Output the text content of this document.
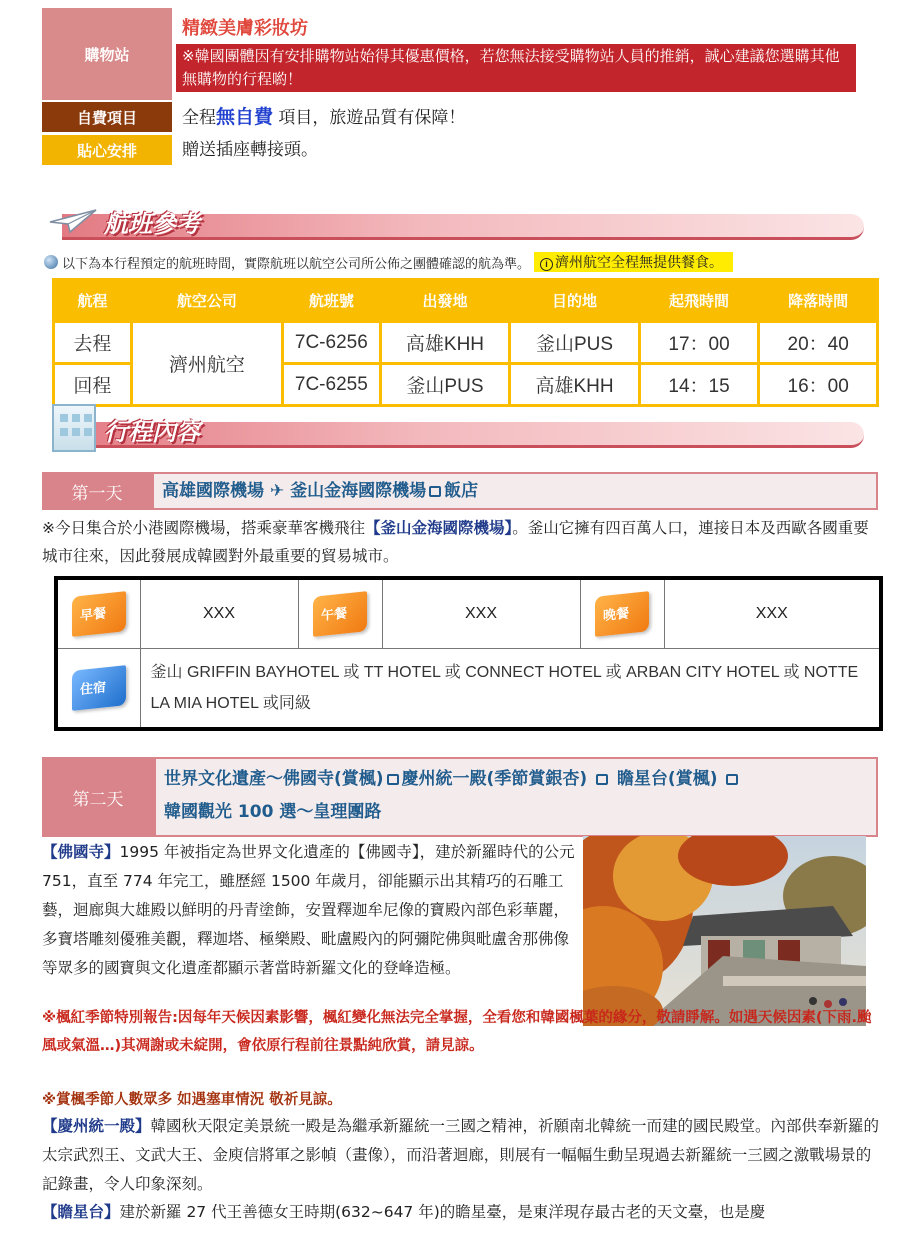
購物站
精緻美膚彩妝坊
※韓國團體因有安排購物站始得其優惠價格，若您無法接受購物站人員的推銷，誠心建議您選購其他無購物的行程喲！
自費項目	全程無自費 項目，旅遊品質有保障！
貼心安排	贈送插座轉接頭。
航班參考
以下為本行程預定的航班時間，實際航班以航空公司所公佈之團體確認的航為準。	i 濟州航空全程無提供餐食。
航程	航空公司	航班號	出發地	目的地	起飛時間	降落時間
去程	濟州航空	7C-6256	高雄KHH	釜山PUS	17：00	20：40
回程		7C-6255	釜山PUS	高雄KHH	14：15	16：00
行程內容
第一天	高雄國際機場 ✈ 釜山金海國際機場 飯店
※今日集合於小港國際機場，搭乘豪華客機飛往【釜山金海國際機場】。釜山它擁有四百萬人口，連接日本及西歐各國重要城市往來，因此發展成韓國對外最重要的貿易城市。
早餐	XXX	午餐	XXX	晚餐	XXX
住宿	釜山 GRIFFIN BAYHOTEL 或 TT HOTEL 或 CONNECT HOTEL 或 ARBAN CITY HOTEL 或 NOTTE LA MIA HOTEL 或同級				
第二天
世界文化遺產～佛國寺(賞楓) 慶州統一殿(季節賞銀杏) 瞻星台(賞楓)
韓國觀光 100 選～皇理團路
【佛國寺】1995 年被指定為世界文化遺產的【佛國寺】，建於新羅時代的公元 751，直至 774 年完工，雖歷經 1500 年歲月，卻能顯示出其精巧的石雕工藝，迴廊與大雄殿以鮮明的丹青塗飾，安置釋迦牟尼像的寶殿內部色彩華麗，多寶塔雕刻優雅美觀，釋迦塔、極樂殿、毗盧殿內的阿彌陀佛與毗盧舍那佛像等眾多的國寶與文化遺產都顯示著當時新羅文化的登峰造極。
※楓紅季節特別報告:因每年天候因素影響，楓紅變化無法完全掌握，全看您和韓國楓葉的緣分，敬請睜解。如遇天候因素(下雨.颱風或氣溫…)其凋謝或未綻開，會依原行程前往景點純欣賞，請見諒。
※賞楓季節人數眾多 如遇塞車情況 敬祈見諒。
【慶州統一殿】韓國秋天限定美景統一殿是為繼承新羅統一三國之精神，祈願南北韓統一而建的國民殿堂。內部供奉新羅的太宗武烈王、文武大王、金庾信將軍之影幀（畫像），而沿著迴廊，則展有一幅幅生動呈現過去新羅統一三國之激戰場景的記錄畫，令人印象深刻。
【瞻星台】建於新羅 27 代王善德女王時期(632~647 年)的瞻星臺，是東洋現存最古老的天文臺，也是慶
